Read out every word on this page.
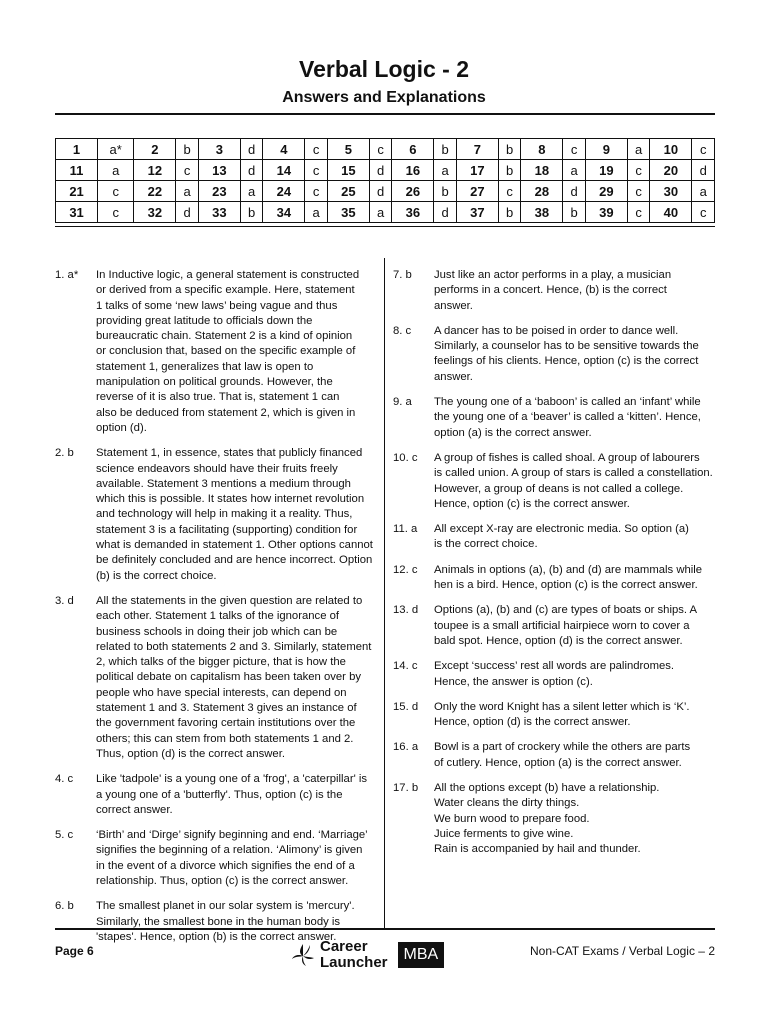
Verbal Logic - 2
Answers and Explanations
1	a*	2	b	3	d	4	c	5	c	6	b	7	b	8	c	9	a	10	c
11	a	12	c	13	d	14	c	15	d	16	a	17	b	18	a	19	c	20	d
21	c	22	a	23	a	24	c	25	d	26	b	27	c	28	d	29	c	30	a
31	c	32	d	33	b	34	a	35	a	36	d	37	b	38	b	39	c	40	c
1. a*	In Inductive logic, a general statement is constructed
or derived from a specific example. Here, statement
1 talks of some ‘new laws’ being vague and thus
providing great latitude to officials down the
bureaucratic chain. Statement 2 is a kind of opinion
or conclusion that, based on the specific example of
statement 1, generalizes that law is open to
manipulation on political grounds. However, the
reverse of it is also true. That is, statement 1 can
also be deduced from statement 2, which is given in
option (d).
2. b	Statement 1, in essence, states that publicly financed
science endeavors should have their fruits freely
available. Statement 3 mentions a medium through
which this is possible. It states how internet revolution
and technology will help in making it a reality. Thus,
statement 3 is a facilitating (supporting) condition for
what is demanded in statement 1. Other options cannot
be definitely concluded and are hence incorrect. Option
(b) is the correct choice.
3. d	All the statements in the given question are related to
each other. Statement 1 talks of the ignorance of
business schools in doing their job which can be
related to both statements 2 and 3. Similarly, statement
2, which talks of the bigger picture, that is how the
political debate on capitalism has been taken over by
people who have special interests, can depend on
statement 1 and 3. Statement 3 gives an instance of
the government favoring certain institutions over the
others; this can stem from both statements 1 and 2.
Thus, option (d) is the correct answer.
4. c	Like 'tadpole' is a young one of a 'frog', a 'caterpillar' is
a young one of a 'butterfly'. Thus, option (c) is the
correct answer.
5. c	‘Birth’ and ‘Dirge’ signify beginning and end. ‘Marriage’
signifies the beginning of a relation. ‘Alimony’ is given
in the event of a divorce which signifies the end of a
relationship. Thus, option (c) is the correct answer.
6. b	The smallest planet in our solar system is 'mercury'.
Similarly, the smallest bone in the human body is
'stapes'. Hence, option (b) is the correct answer.
7. b	Just like an actor performs in a play, a musician
performs in a concert. Hence, (b) is the correct
answer.
8. c	A dancer has to be poised in order to dance well.
Similarly, a counselor has to be sensitive towards the
feelings of his clients. Hence, option (c) is the correct
answer.
9. a	The young one of a ‘baboon’ is called an ‘infant’ while
the young one of a ‘beaver’ is called a ‘kitten’. Hence,
option (a) is the correct answer.
10. c	A group of fishes is called shoal. A group of labourers
is called union. A group of stars is called a constellation.
However, a group of deans is not called a college.
Hence, option (c) is the correct answer.
11. a	All except X-ray are electronic media. So option (a)
is the correct choice.
12. c	Animals in options (a), (b) and (d) are mammals while
hen is a bird. Hence, option (c) is the correct answer.
13. d	Options (a), (b) and (c) are types of boats or ships. A
toupee is a small artificial hairpiece worn to cover a
bald spot. Hence, option (d) is the correct answer.
14. c	Except ‘success’ rest all words are palindromes.
Hence, the answer is option (c).
15. d	Only the word Knight has a silent letter which is ‘K’.
Hence, option (d) is the correct answer.
16. a	Bowl is a part of crockery while the others are parts
of cutlery. Hence, option (a) is the correct answer.
17. b	All the options except (b) have a relationship.
Water cleans the dirty things.
We burn wood to prepare food.
Juice ferments to give wine.
Rain is accompanied by hail and thunder.
Page 6	Career
Launcher	MBA	Non-CAT Exams / Verbal Logic – 2
